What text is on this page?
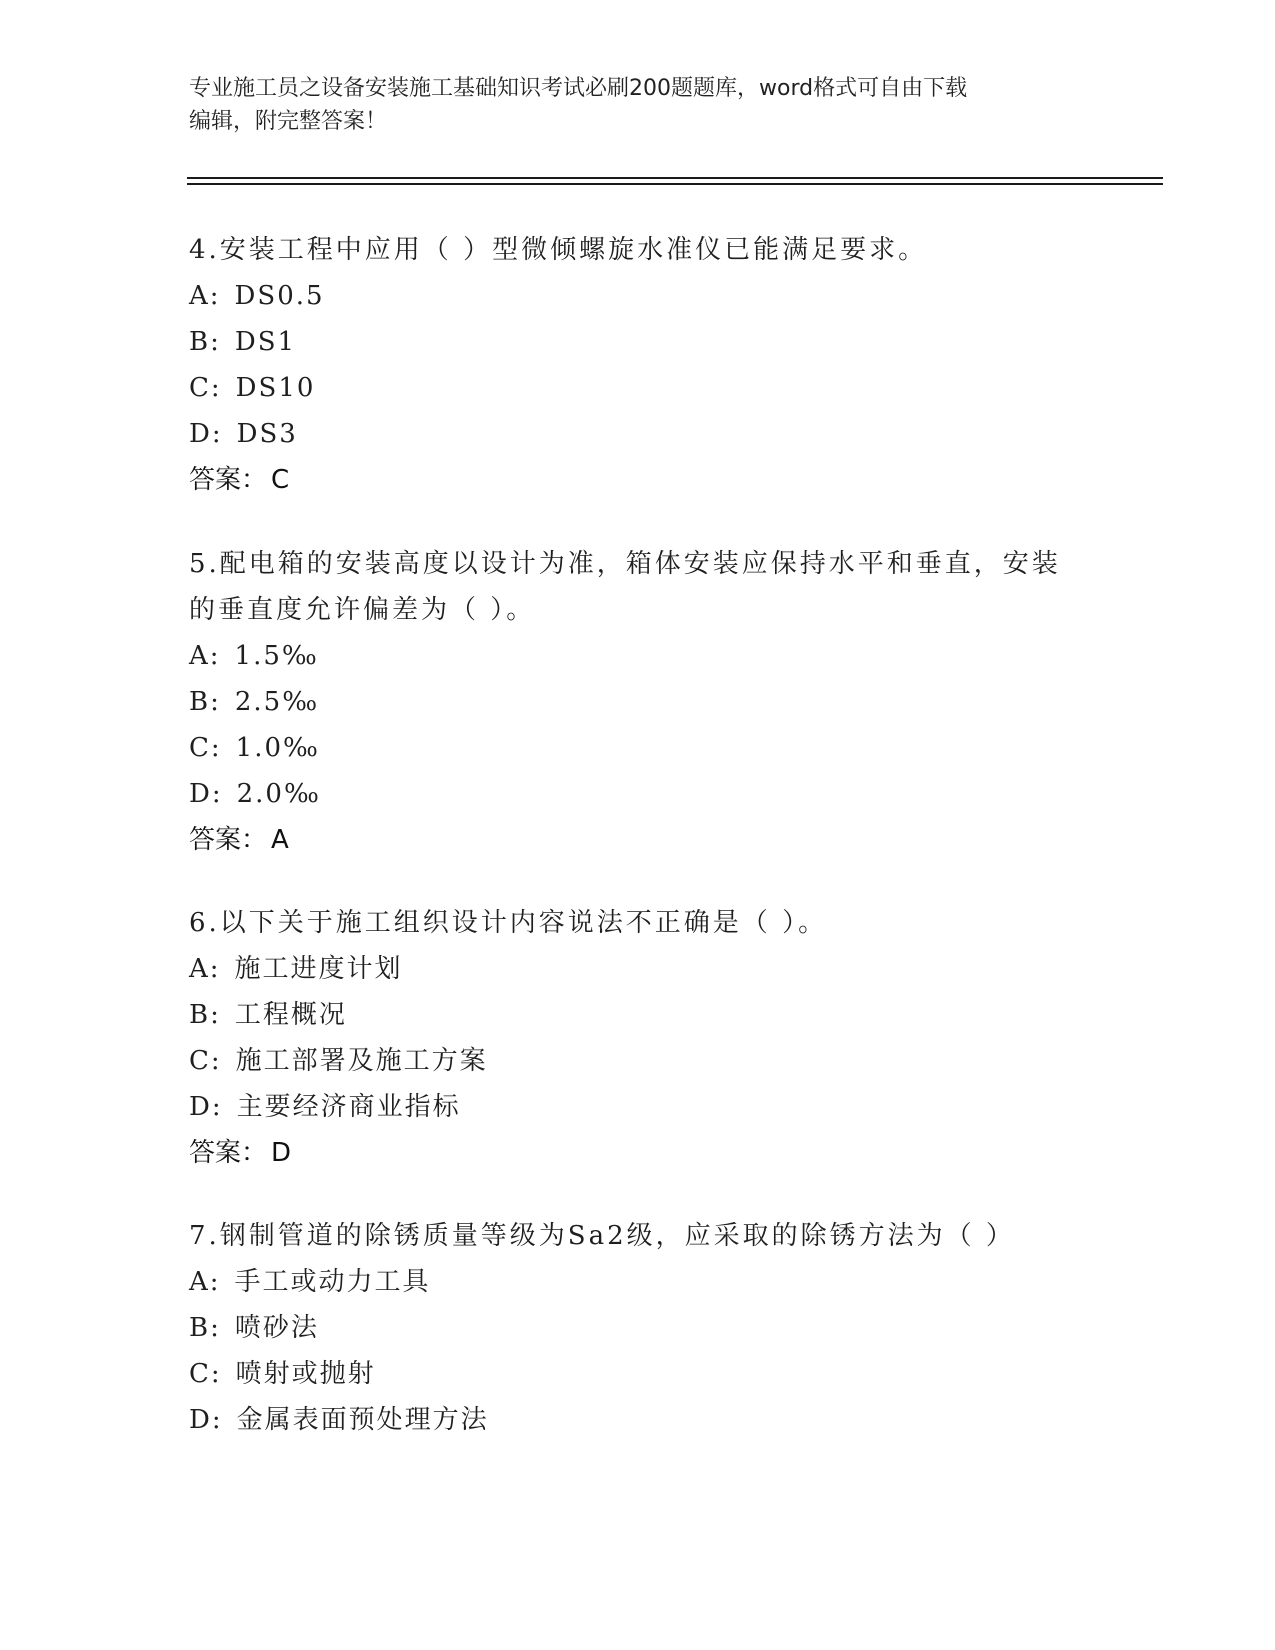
专业施工员之设备安装施工基础知识考试必刷200题题库，word格式可自由下载
编辑，附完整答案！
4.安装工程中应用（ ）型微倾螺旋水准仪已能满足要求。
A: DS0.5
B: DS1
C: DS10
D: DS3
答案： C
5.配电箱的安装高度以设计为准，箱体安装应保持水平和垂直，安装
的垂直度允许偏差为（ ）。
A: 1.5‰
B: 2.5‰
C: 1.0‰
D: 2.0‰
答案： A
6.以下关于施工组织设计内容说法不正确是（ ）。
A: 施工进度计划
B: 工程概况
C: 施工部署及施工方案
D: 主要经济商业指标
答案： D
7.钢制管道的除锈质量等级为Sa2级，应采取的除锈方法为（ ）
A: 手工或动力工具
B: 喷砂法
C: 喷射或抛射
D: 金属表面预处理方法
